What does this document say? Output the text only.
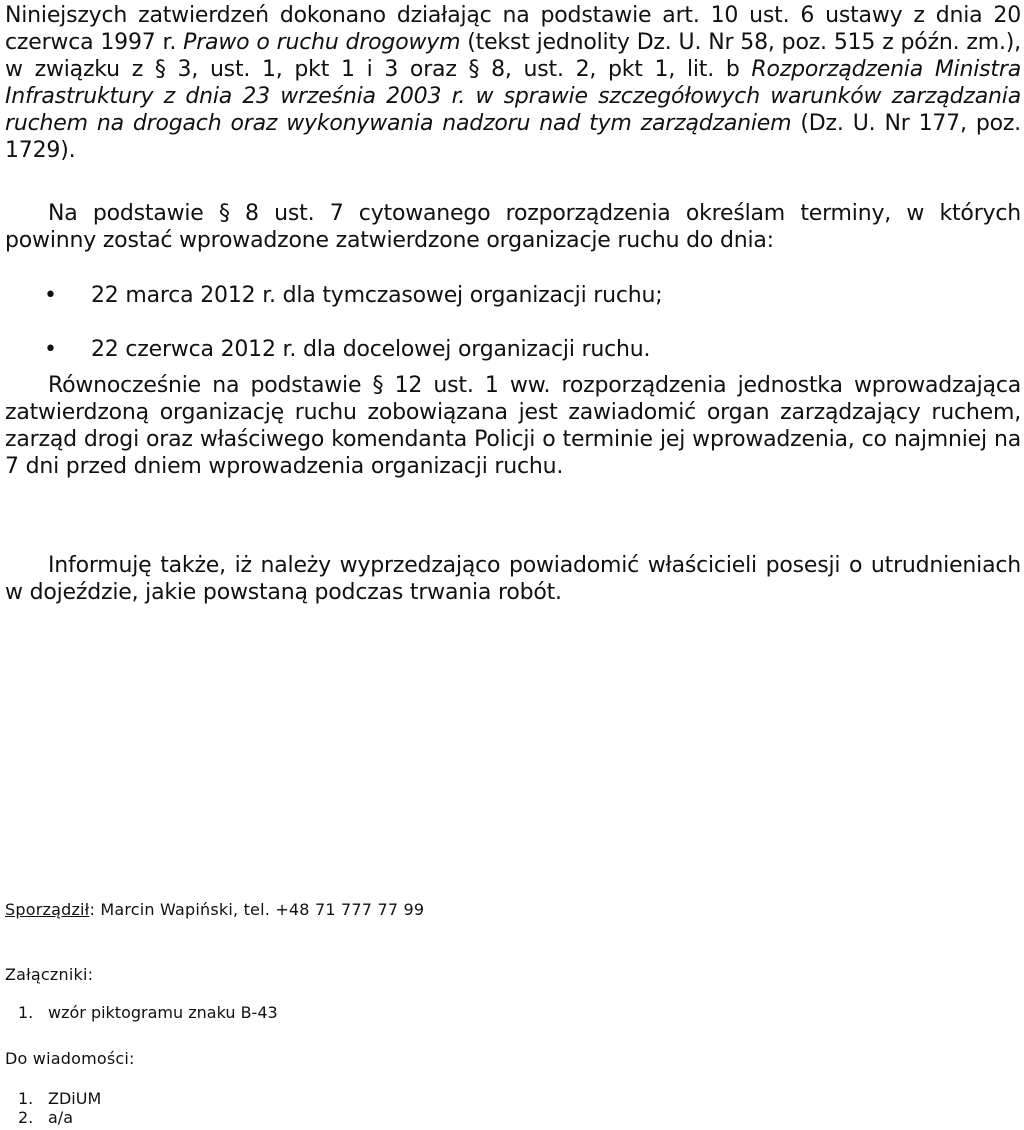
Niniejszych zatwierdzeń dokonano działając na podstawie art. 10 ust. 6 ustawy z dnia 20 czerwca 1997 r. Prawo o ruchu drogowym (tekst jednolity Dz. U. Nr 58, poz. 515 z późn. zm.), w związku z § 3, ust. 1, pkt 1 i 3 oraz § 8, ust. 2, pkt 1, lit. b Rozporządzenia Ministra Infrastruktury z dnia 23 września 2003 r. w sprawie szczegółowych warunków zarządzania ruchem na drogach oraz wykonywania nadzoru nad tym zarządzaniem (Dz. U. Nr 177, poz. 1729).

Na podstawie § 8 ust. 7 cytowanego rozporządzenia określam terminy, w których powinny zostać wprowadzone zatwierdzone organizacje ruchu do dnia:

• 22 marca 2012 r. dla tymczasowej organizacji ruchu;
• 22 czerwca 2012 r. dla docelowej organizacji ruchu.

Równocześnie na podstawie § 12 ust. 1 ww. rozporządzenia jednostka wprowadzająca zatwierdzoną organizację ruchu zobowiązana jest zawiadomić organ zarządzający ruchem, zarząd drogi oraz właściwego komendanta Policji o terminie jej wprowadzenia, co najmniej na 7 dni przed dniem wprowadzenia organizacji ruchu.

Informuję także, iż należy wyprzedzająco powiadomić właścicieli posesji o utrudnieniach w dojeździe, jakie powstaną podczas trwania robót.

Sporządził: Marcin Wapiński, tel. +48 71 777 77 99
Załączniki:
1. wzór piktogramu znaku B-43
Do wiadomości:
1. ZDiUM
2. a/a
